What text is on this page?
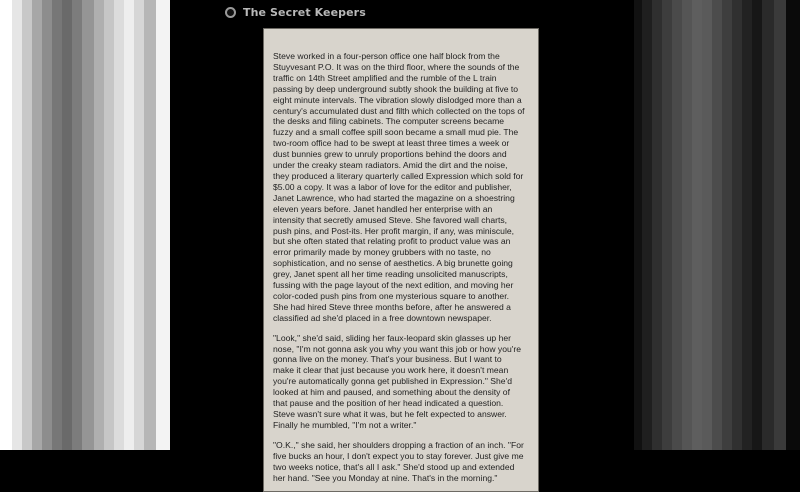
The Secret Keepers

Steve worked in a four-person office one half block from the Stuyvesant P.O. It was on the third floor, where the sounds of the traffic on 14th Street amplified and the rumble of the L train passing by deep underground subtly shook the building at five to eight minute intervals. The vibration slowly dislodged more than a century's accumulated dust and filth which collected on the tops of the desks and filing cabinets. The computer screens became fuzzy and a small coffee spill soon became a small mud pie. The two-room office had to be swept at least three times a week or dust bunnies grew to unruly proportions behind the doors and under the creaky steam radiators. Amid the dirt and the noise, they produced a literary quarterly called Expression which sold for $5.00 a copy. It was a labor of love for the editor and publisher, Janet Lawrence, who had started the magazine on a shoestring eleven years before. Janet handled her enterprise with an intensity that secretly amused Steve. She favored wall charts, push pins, and Post-its. Her profit margin, if any, was miniscule, but she often stated that relating profit to product value was an error primarily made by money grubbers with no taste, no sophistication, and no sense of aesthetics. A big brunette going grey, Janet spent all her time reading unsolicited manuscripts, fussing with the page layout of the next edition, and moving her color-coded push pins from one mysterious square to another. She had hired Steve three months before, after he answered a classified ad she'd placed in a free downtown newspaper.

"Look," she'd said, sliding her faux-leopard skin glasses up her nose, "I'm not gonna ask you why you want this job or how you're gonna live on the money. That's your business. But I want to make it clear that just because you work here, it doesn't mean you're automatically gonna get published in Expression." She'd looked at him and paused, and something about the density of that pause and the position of her head indicated a question. Steve wasn't sure what it was, but he felt expected to answer. Finally he mumbled, "I'm not a writer."

"O.K.," she said, her shoulders dropping a fraction of an inch. "For five bucks an hour, I don't expect you to stay forever. Just give me two weeks notice, that's all I ask." She'd stood up and extended her hand. "See you Monday at nine. That's in the morning."
